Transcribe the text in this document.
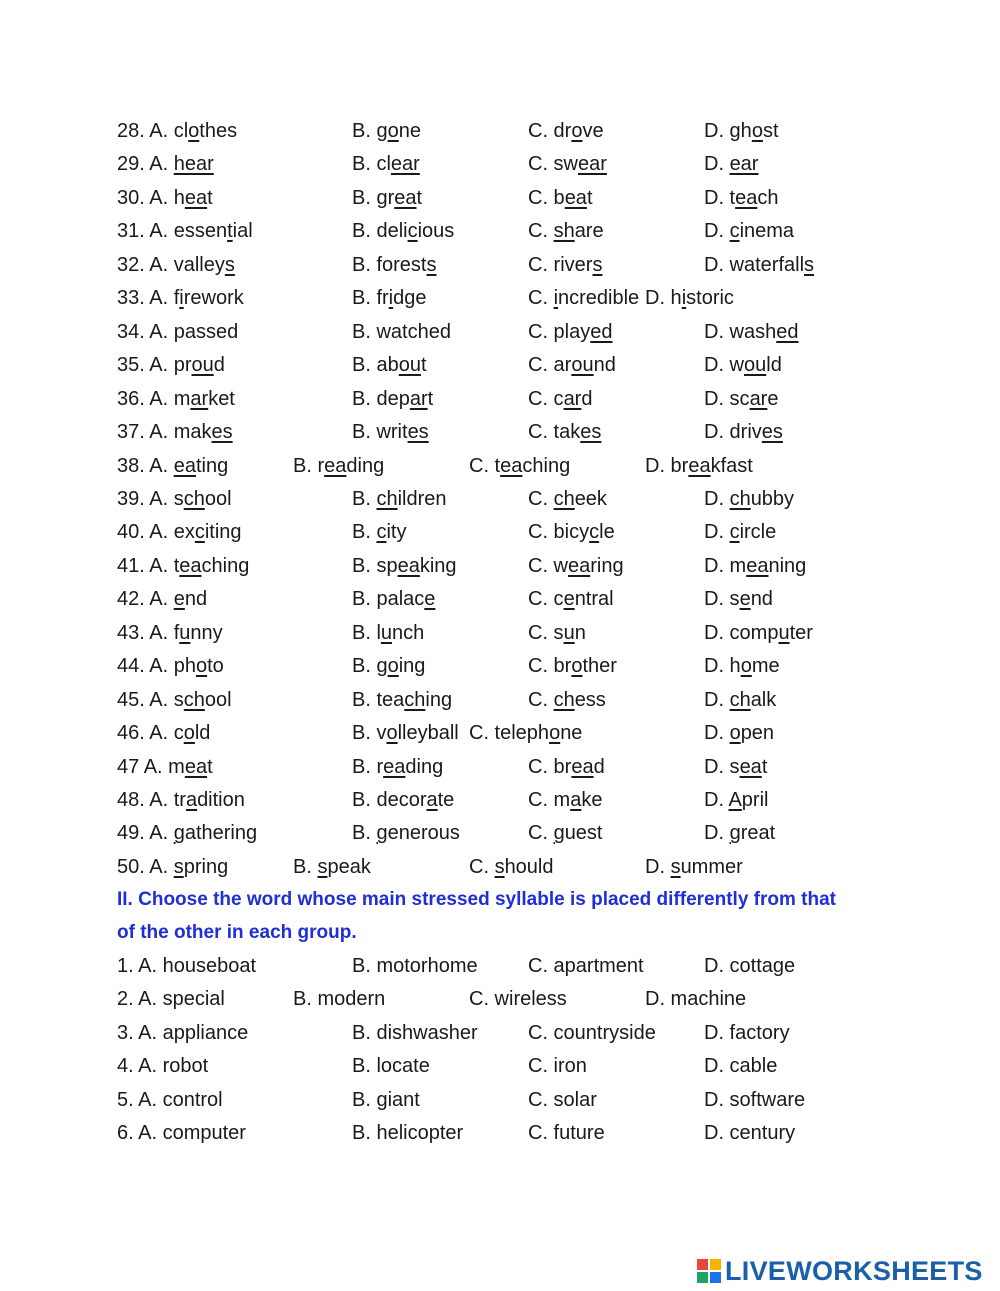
28. A. clothes	B. gone	C. drove	D. ghost
29. A. hear	B. clear	C. swear	D. ear
30. A. heat	B. great	C. beat	D. teach
31. A. essential	B. delicious	C. share	D. cinema
32. A. valleys	B. forests	C. rivers	D. waterfalls
33. A. firework	B. fridge	C. incredible D. historic
34. A. passed	B. watched	C. played	D. washed
35. A. proud	B. about	C. around	D. would
36. A. market	B. depart	C. card	D. scare
37. A. makes	B. writes	C. takes	D. drives
38. A. eating	B. reading	C. teaching	D. breakfast
39. A. school	B. children	C. cheek	D. chubby
40. A. exciting	B. city	C. bicycle	D. circle
41. A. teaching	B. speaking	C. wearing	D. meaning
42. A. end	B. palace	C. central	D. send
43. A. funny	B. lunch	C. sun	D. computer
44. A. photo	B. going	C. brother	D. home
45. A. school	B. teaching	C. chess	D. chalk
46. A. cold	B. volleyball C. telephone	D. open
47 A. meat	B. reading	C. bread	D. seat
48. A. tradition	B. decorate	C. make	D. April
49. A. gathering	B. generous	C. guest	D. great
50. A. spring	B. speak	C. should	D. summer
II. Choose the word whose main stressed syllable is placed differently from that
of the other in each group.
1. A. houseboat	B. motorhome	C. apartment	D. cottage
2. A. special	B. modern	C. wireless	D. machine
3. A. appliance	B. dishwasher	C. countryside D. factory
4. A. robot	B. locate	C. iron	D. cable
5. A. control	B. giant	C. solar	D. software
6. A. computer	B. helicopter	C. future	D. century
LIVEWORKSHEETS
